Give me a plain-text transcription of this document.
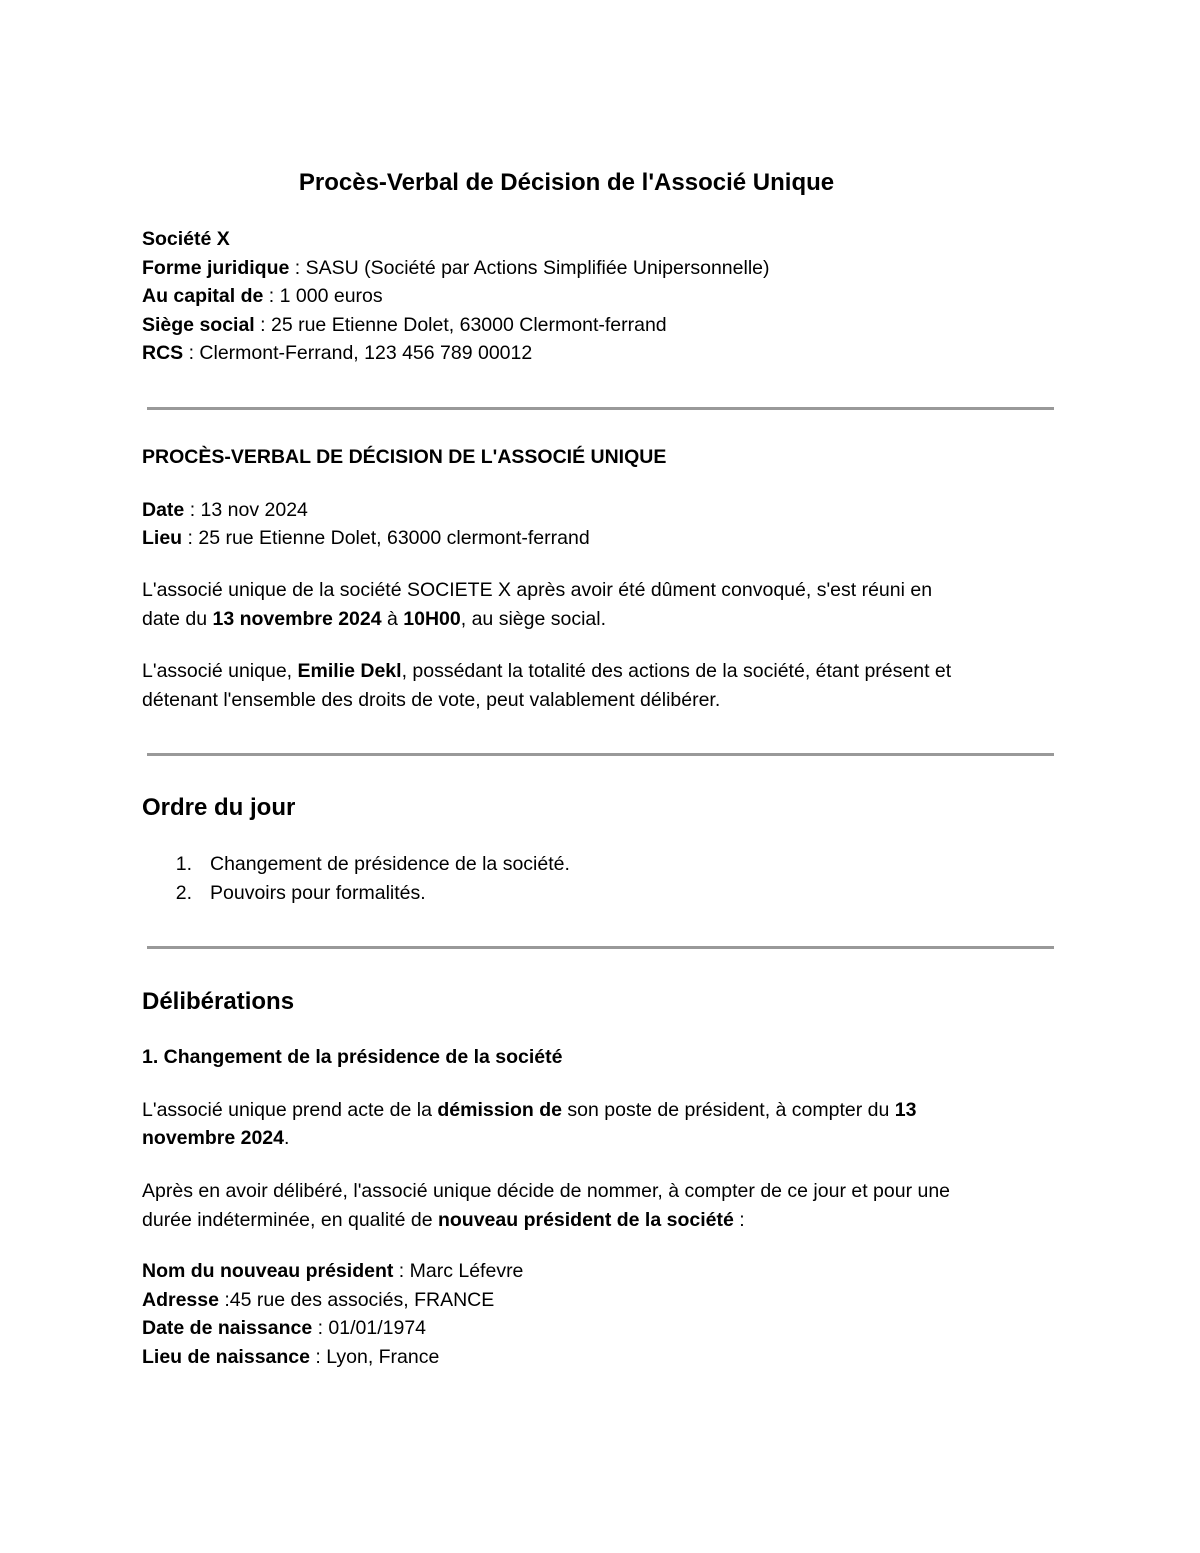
Procès-Verbal de Décision de l'Associé Unique
Société X
Forme juridique : SASU (Société par Actions Simplifiée Unipersonnelle)
Au capital de : 1 000 euros
Siège social : 25 rue Etienne Dolet, 63000 Clermont-ferrand
RCS : Clermont-Ferrand, 123 456 789 00012
PROCÈS-VERBAL DE DÉCISION DE L'ASSOCIÉ UNIQUE
Date : 13 nov 2024
Lieu : 25 rue Etienne Dolet, 63000 clermont-ferrand
L'associé unique de la société SOCIETE X après avoir été dûment convoqué, s'est réuni en
date du 13 novembre 2024 à 10H00, au siège social.
L'associé unique, Emilie Dekl, possédant la totalité des actions de la société, étant présent et
détenant l'ensemble des droits de vote, peut valablement délibérer.
Ordre du jour
1. Changement de présidence de la société.
2. Pouvoirs pour formalités.
Délibérations
1. Changement de la présidence de la société
L'associé unique prend acte de la démission de son poste de président, à compter du 13
novembre 2024.
Après en avoir délibéré, l'associé unique décide de nommer, à compter de ce jour et pour une
durée indéterminée, en qualité de nouveau président de la société :
Nom du nouveau président : Marc Léfevre
Adresse :45 rue des associés, FRANCE
Date de naissance : 01/01/1974
Lieu de naissance : Lyon, France
